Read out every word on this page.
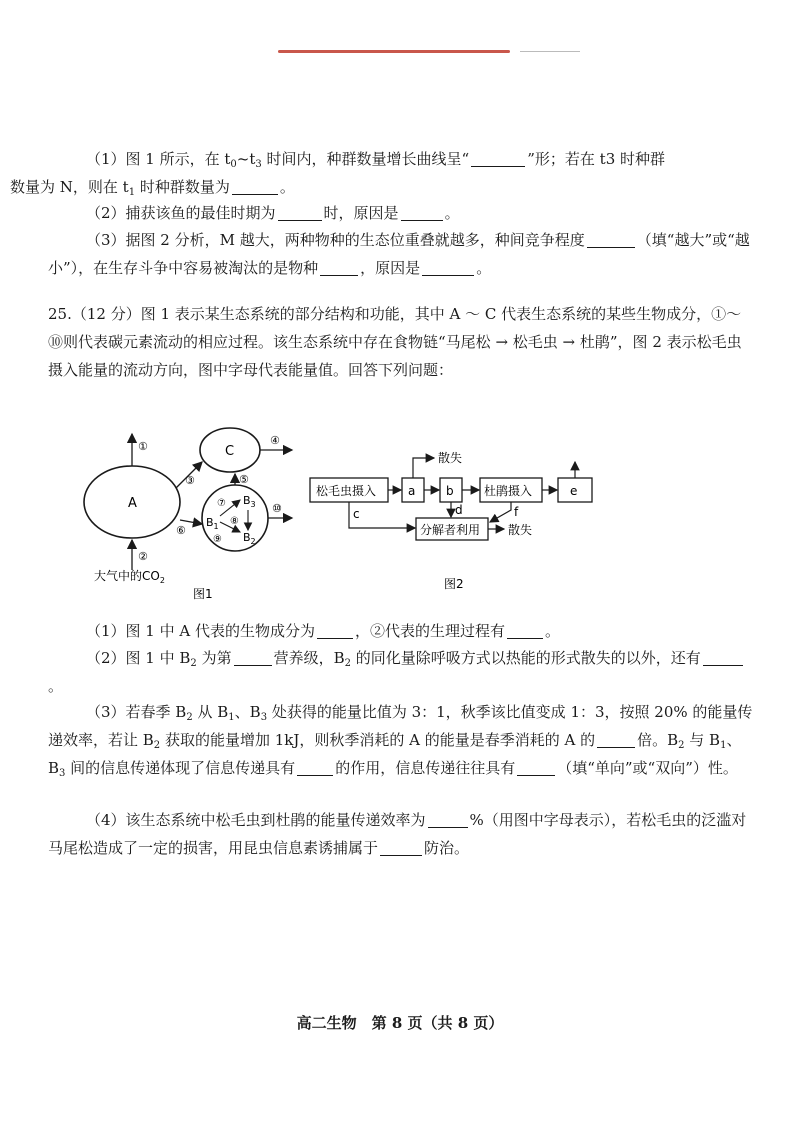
（1）图 1 所示，在 $t_0\sim t_3$ 时间内，种群数量增长曲线呈“	”形；若在 t3 时种群
数量为 N，则在 $t_1$ 时种群数量为	。

（2）捕获该鱼的最佳时期为	时，原因是	。

（3）据图 2 分析，M 越大，两种物种的生态位重叠就越多，种间竞争程度	（填“越大”或“越小”），在生存斗争中容易被淘汰的是物种	，原因是	。

25.（12 分）图 1 表示某生态系统的部分结构和功能，其中 A ～ C 代表生态系统的某些生物成分，①～⑩则代表碳元素流动的相应过程。该生态系统中存在食物链“马尾松 → 松毛虫 → 杜鹃”，图 2 表示松毛虫摄入能量的流动方向，图中字母代表能量值。回答下列问题：

A
C
①
②
③
④
⑤
⑥
⑩
$B_1$
$B_3$
$B_2$
⑦
⑧
⑨
大气中的$CO_2$
图1
松毛虫摄入	a	b	杜鹃摄入	e
分解者利用
散失
c	d	f
散失
图2

（1）图 1 中 A 代表的生物成分为	，②代表的生理过程有	。

（2）图 1 中 $B_2$ 为第	营养级，$B_2$ 的同化量除呼吸方式以热能的形式散失的以外，还有。

（3）若春季 $B_2$ 从 $B_1$、$B_3$ 处获得的能量比值为 3：1，秋季该比值变成 1：3，按照 20% 的能量传递效率，若让 $B_2$ 获取的能量增加 1kJ，则秋季消耗的 A 的能量是春季消耗的 A 的	倍。$B_2$ 与 $B_1$、$B_3$ 间的信息传递体现了信息传递具有	的作用，信息传递往往具有	（填“单向”或“双向”）性。

（4）该生态系统中松毛虫到杜鹃的能量传递效率为	%（用图中字母表示），若松毛虫的泛滥对马尾松造成了一定的损害，用昆虫信息素诱捕属于	防治。

高二生物　第 8 页（共 8 页）
